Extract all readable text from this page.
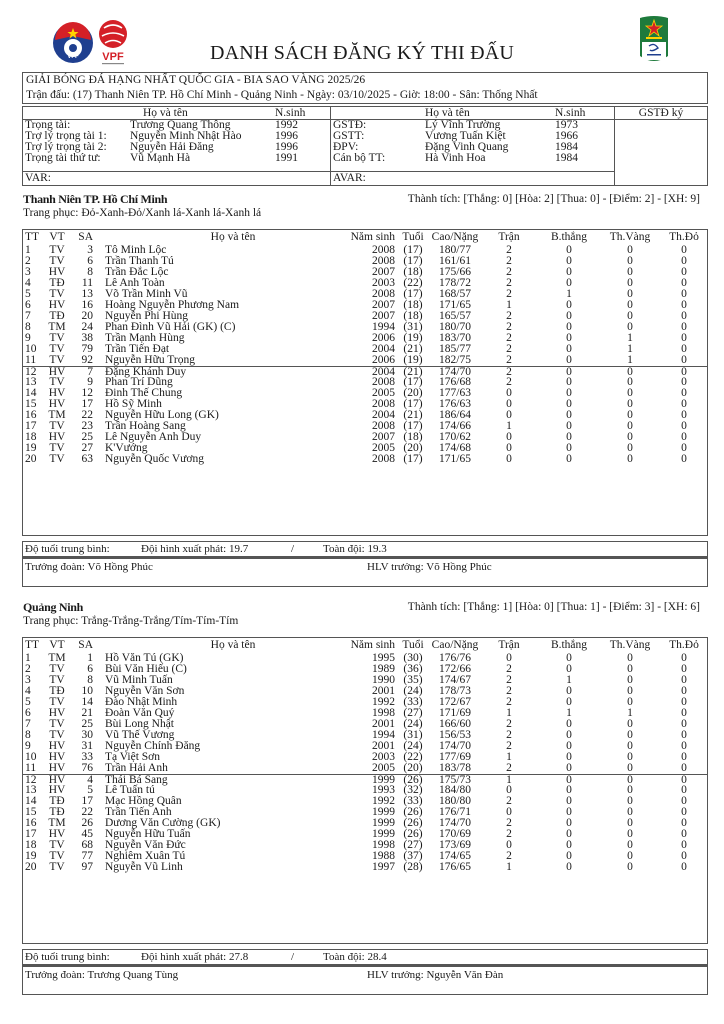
VFF VPF	DANH SÁCH ĐĂNG KÝ THI ĐẤU
GIẢI BÓNG ĐÁ HẠNG NHẤT QUỐC GIA - BIA SAO VÀNG 2025/26
Trận đấu: (17) Thanh Niên TP. Hồ Chí Minh - Quảng Ninh - Ngày: 03/10/2025 - Giờ: 18:00 - Sân: Thống Nhất
Họ và tên	N.sinh
Trọng tài:	Trương Quang Thông	1992
Trợ lý trọng tài 1: Nguyễn Minh Nhật Hào	1996
Trợ lý trọng tài 2: Nguyễn Hải Đăng	1996
Trọng tài thứ tư:	Vũ Mạnh Hà	1991
VAR:
Họ và tên	N.sinh
GSTĐ:	Lý Vĩnh Trường	1973
GSTT:	Vương Tuấn Kiệt	1966
ĐPV:	Đặng Vinh Quang	1984
Cán bộ TT:	Hà Vinh Hoa	1984
AVAR:
GSTĐ ký
Thanh Niên TP. Hồ Chí Minh	Thành tích: [Thắng: 0] [Hòa: 2] [Thua: 0] - [Điểm: 2] - [XH: 9]
Trang phục: Đỏ-Xanh-Đỏ/Xanh lá-Xanh lá-Xanh lá
TT VT	SA	Họ và tên	Năm sinh Tuổi Cao/Nặng	Trận	B.thắng	Th.Vàng	Th.Đỏ
1	TV	3	Tô Minh Lộc	2008 (17)	180/77	2	0	0	0
2	TV	6	Trần Thanh Tú	2008 (17)	161/61	2	0	0	0
3	HV	8	Trần Đắc Lộc	2007 (18)	175/66	2	0	0	0
4	TĐ	11	Lê Anh Toàn	2003 (22)	178/72	2	0	0	0
5	TV	13	Võ Trần Minh Vũ	2008 (17)	168/57	2	1	0	0
6	HV	16	Hoàng Nguyễn Phương Nam	2007 (18)	171/65	1	0	0	0
7	TĐ	20	Nguyễn Phi Hùng	2007 (18)	165/57	2	0	0	0
8	TM	24	Phan Đình Vũ Hải (GK) (C)	1994 (31)	180/70	2	0	0	0
9	TV	38	Trần Mạnh Hùng	2006 (19)	183/70	2	0	1	0
10	TV	79	Trần Tiến Đạt	2004 (21)	185/77	2	0	1	0
11	TV	92	Nguyễn Hữu Trọng	2006 (19)	182/75	2	0	1	0
12	HV	7	Đặng Khánh Duy	2004 (21)	174/70	2	0	0	0
13	TV	9	Phan Trí Dũng	2008 (17)	176/68	2	0	0	0
14	HV	12	Đinh Thế Chung	2005 (20)	177/63	0	0	0	0
15	HV	17	Hồ Sỹ Minh	2008 (17)	176/63	0	0	0	0
16	TM	22	Nguyễn Hữu Long (GK)	2004 (21)	186/64	0	0	0	0
17	TV	23	Trần Hoàng Sang	2008 (17)	174/66	1	0	0	0
18	HV	25	Lê Nguyễn Anh Duy	2007 (18)	170/62	0	0	0	0
19	TV	27	K'Vướng	2005 (20)	174/68	0	0	0	0
20	TV	63	Nguyễn Quốc Vương	2008 (17)	171/65	0	0	0	0
Độ tuổi trung bình:	Đội hình xuất phát: 19.7	/	Toàn đội: 19.3
Trưởng đoàn: Võ Hồng Phúc	HLV trưởng: Võ Hồng Phúc
Quảng Ninh	Thành tích: [Thắng: 1] [Hòa: 0] [Thua: 1] - [Điểm: 3] - [XH: 6]
Trang phục: Trắng-Trắng-Trắng/Tím-Tím-Tím
TT VT	SA	Họ và tên	Năm sinh Tuổi Cao/Nặng	Trận	B.thắng	Th.Vàng	Th.Đỏ
1	TM	1	Hồ Văn Tú (GK)	1995 (30)	176/76	0	0	0	0
2	TV	6	Bùi Văn Hiếu (C)	1989 (36)	172/66	2	0	0	0
3	TV	8	Vũ Minh Tuấn	1990 (35)	174/67	2	1	0	0
4	TĐ	10	Nguyễn Văn Sơn	2001 (24)	178/73	2	0	0	0
5	TV	14	Đào Nhật Minh	1992 (33)	172/67	2	0	0	0
6	HV	21	Đoàn Văn Quý	1998 (27)	171/69	1	1	1	0
7	TV	25	Bùi Long Nhật	2001 (24)	166/60	2	0	0	0
8	TV	30	Vũ Thế Vương	1994 (31)	156/53	2	0	0	0
9	HV	31	Nguyễn Chính Đăng	2001 (24)	174/70	2	0	0	0
10	HV	33	Tạ Việt Sơn	2003 (22)	177/69	1	0	0	0
11	HV	76	Trần Hải Anh	2005 (20)	183/78	2	0	0	0
12	HV	4	Thái Bá Sang	1999 (26)	175/73	1	0	0	0
13	HV	5	Lê Tuấn tú	1993 (32)	184/80	0	0	0	0
14	TĐ	17	Mạc Hồng Quân	1992 (33)	180/80	2	0	0	0
15	TĐ	22	Trần Tiến Anh	1999 (26)	176/71	0	0	0	0
16	TM	26	Dương Văn Cường (GK)	1999 (26)	174/70	2	0	0	0
17	HV	45	Nguyễn Hữu Tuấn	1999 (26)	170/69	2	0	0	0
18	TV	68	Nguyễn Văn Đức	1998 (27)	173/69	0	0	0	0
19	TV	77	Nghiêm Xuân Tú	1988 (37)	174/65	2	0	0	0
20	TV	97	Nguyễn Vũ Linh	1997 (28)	176/65	1	0	0	0
Độ tuổi trung bình:	Đội hình xuất phát: 27.8	/	Toàn đội: 28.4
Trưởng đoàn: Trương Quang Tùng	HLV trưởng: Nguyễn Văn Đàn
